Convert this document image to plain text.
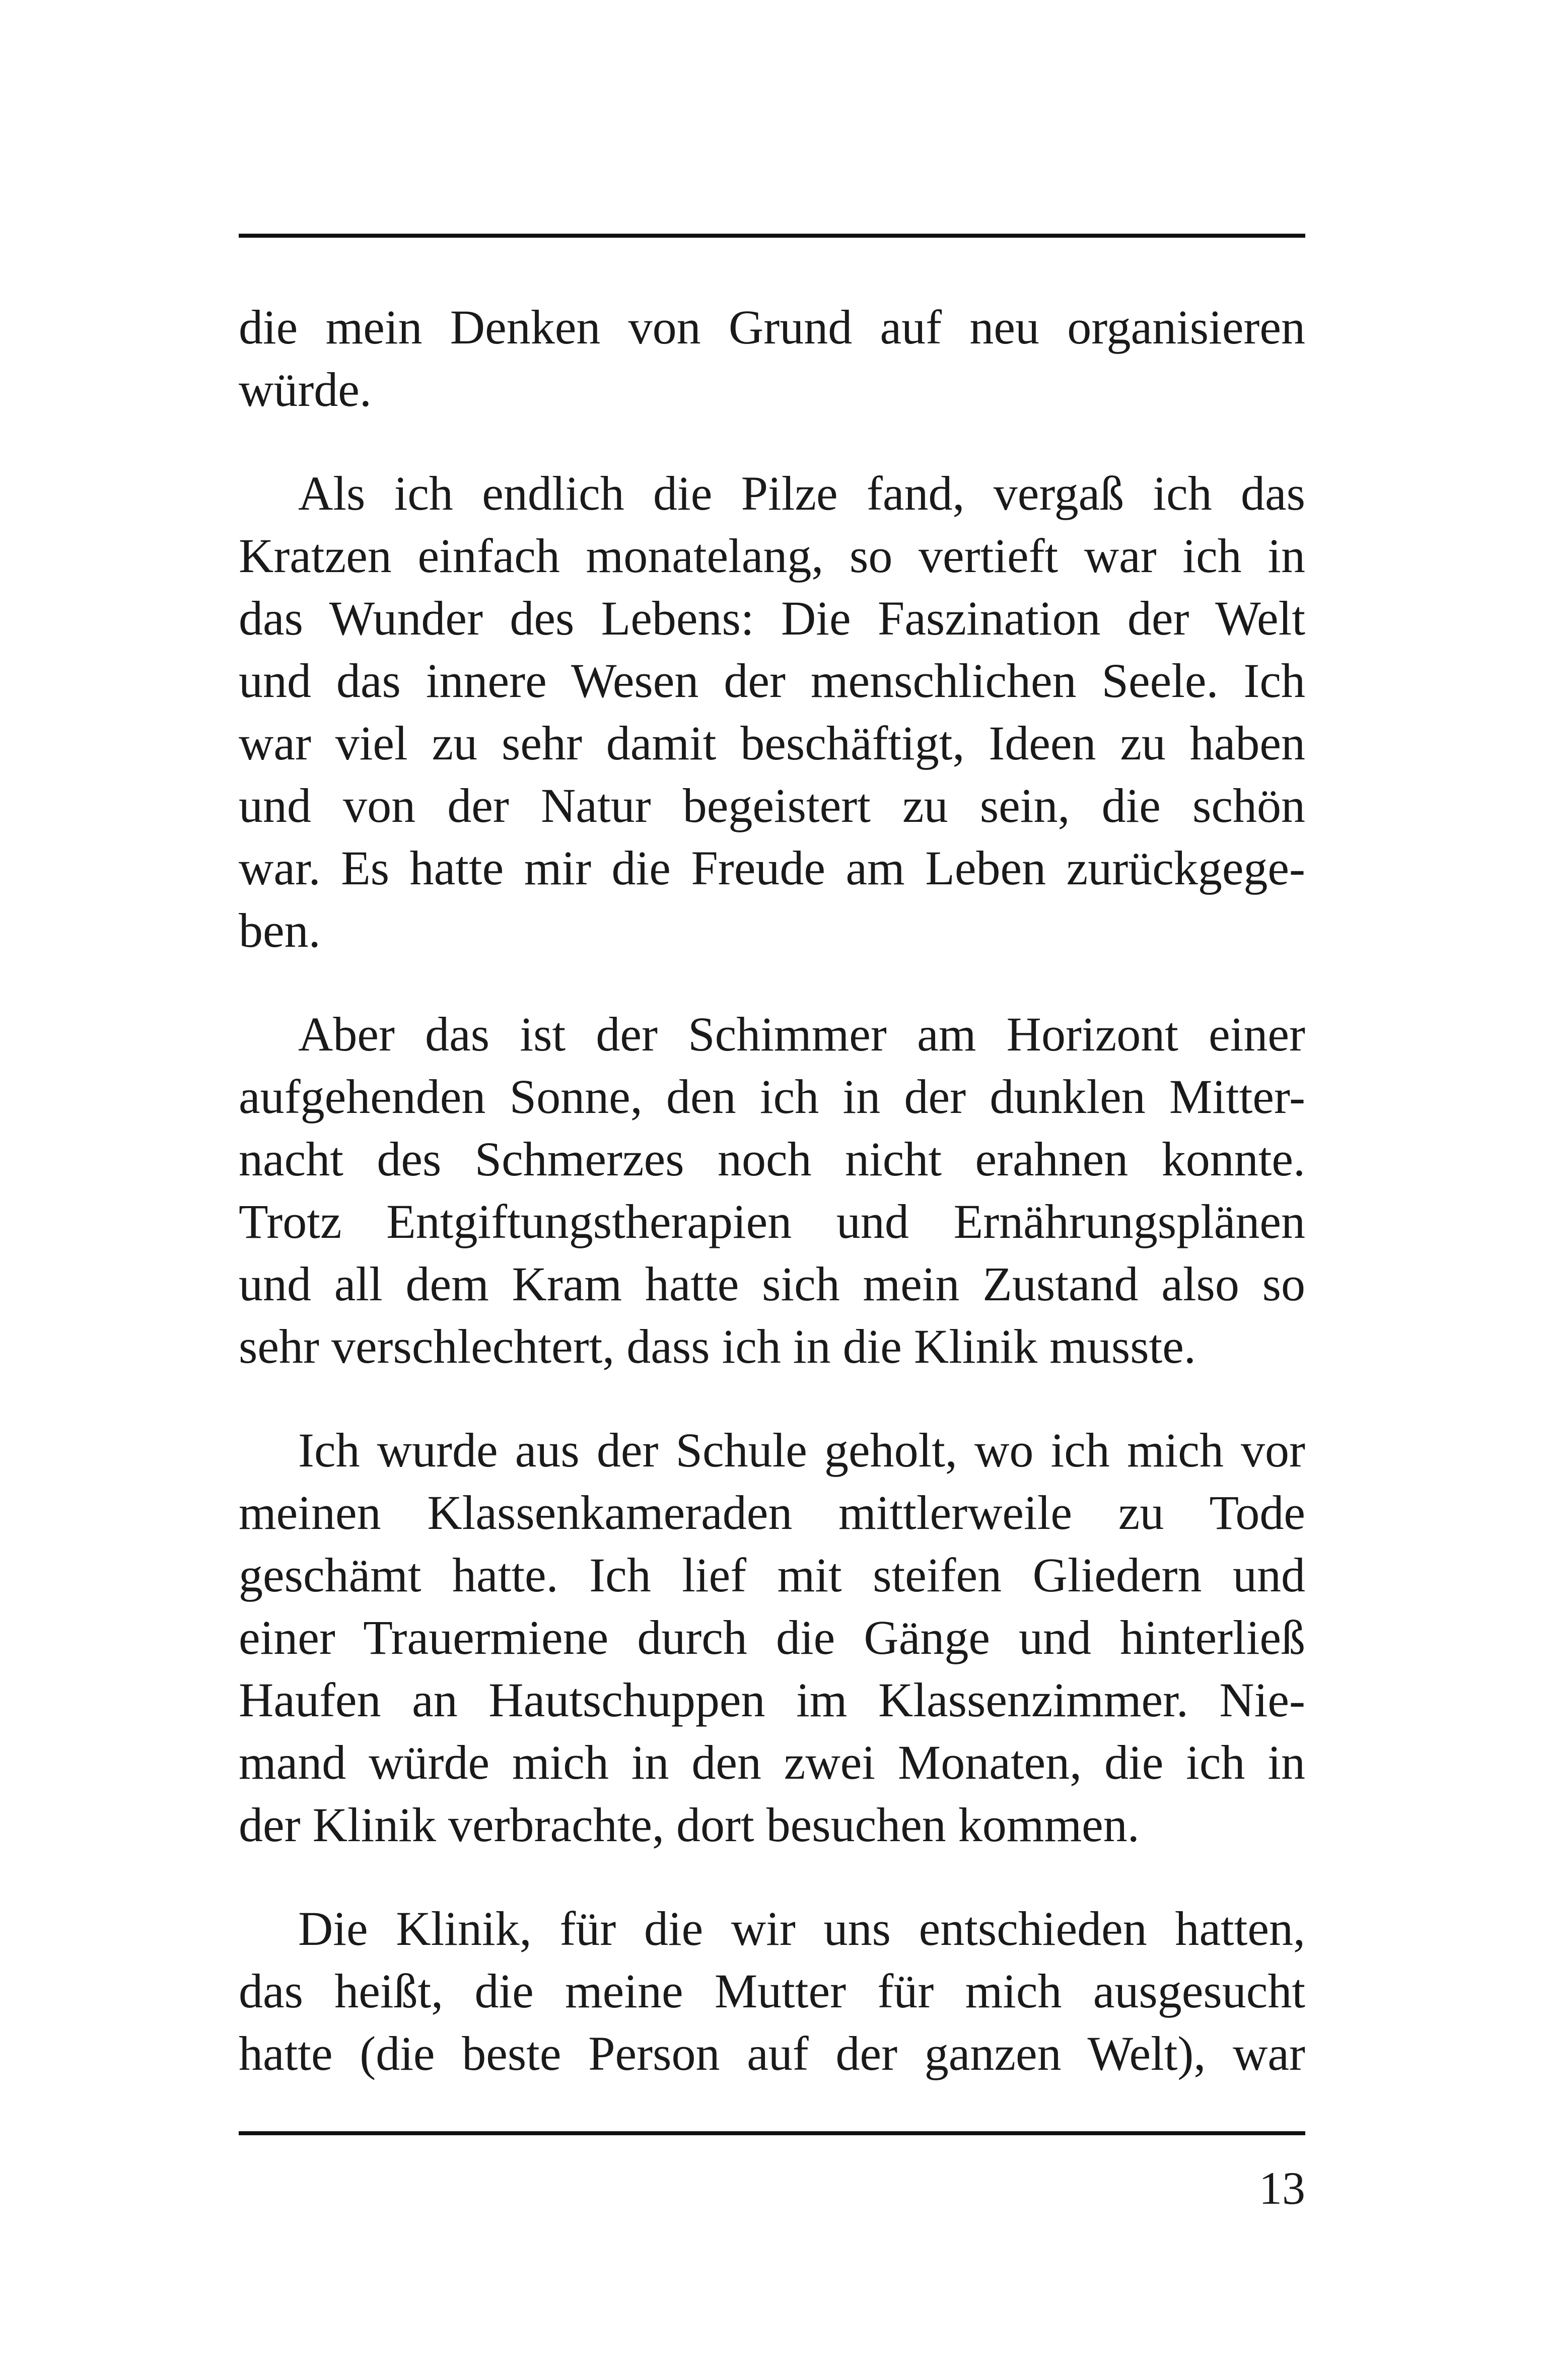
die mein Denken von Grund auf neu organisieren
würde.

Als ich endlich die Pilze fand, vergaß ich das
Kratzen einfach monatelang, so vertieft war ich in
das Wunder des Lebens: Die Faszination der Welt
und das innere Wesen der menschlichen Seele. Ich
war viel zu sehr damit beschäftigt, Ideen zu haben
und von der Natur begeistert zu sein, die schön
war. Es hatte mir die Freude am Leben zurückgege-
ben.

Aber das ist der Schimmer am Horizont einer
aufgehenden Sonne, den ich in der dunklen Mitter-
nacht des Schmerzes noch nicht erahnen konnte.
Trotz Entgiftungstherapien und Ernährungsplänen
und all dem Kram hatte sich mein Zustand also so
sehr verschlechtert, dass ich in die Klinik musste.

Ich wurde aus der Schule geholt, wo ich mich vor
meinen Klassenkameraden mittlerweile zu Tode
geschämt hatte. Ich lief mit steifen Gliedern und
einer Trauermiene durch die Gänge und hinterließ
Haufen an Hautschuppen im Klassenzimmer. Nie-
mand würde mich in den zwei Monaten, die ich in
der Klinik verbrachte, dort besuchen kommen.

Die Klinik, für die wir uns entschieden hatten,
das heißt, die meine Mutter für mich ausgesucht
hatte (die beste Person auf der ganzen Welt), war

13
